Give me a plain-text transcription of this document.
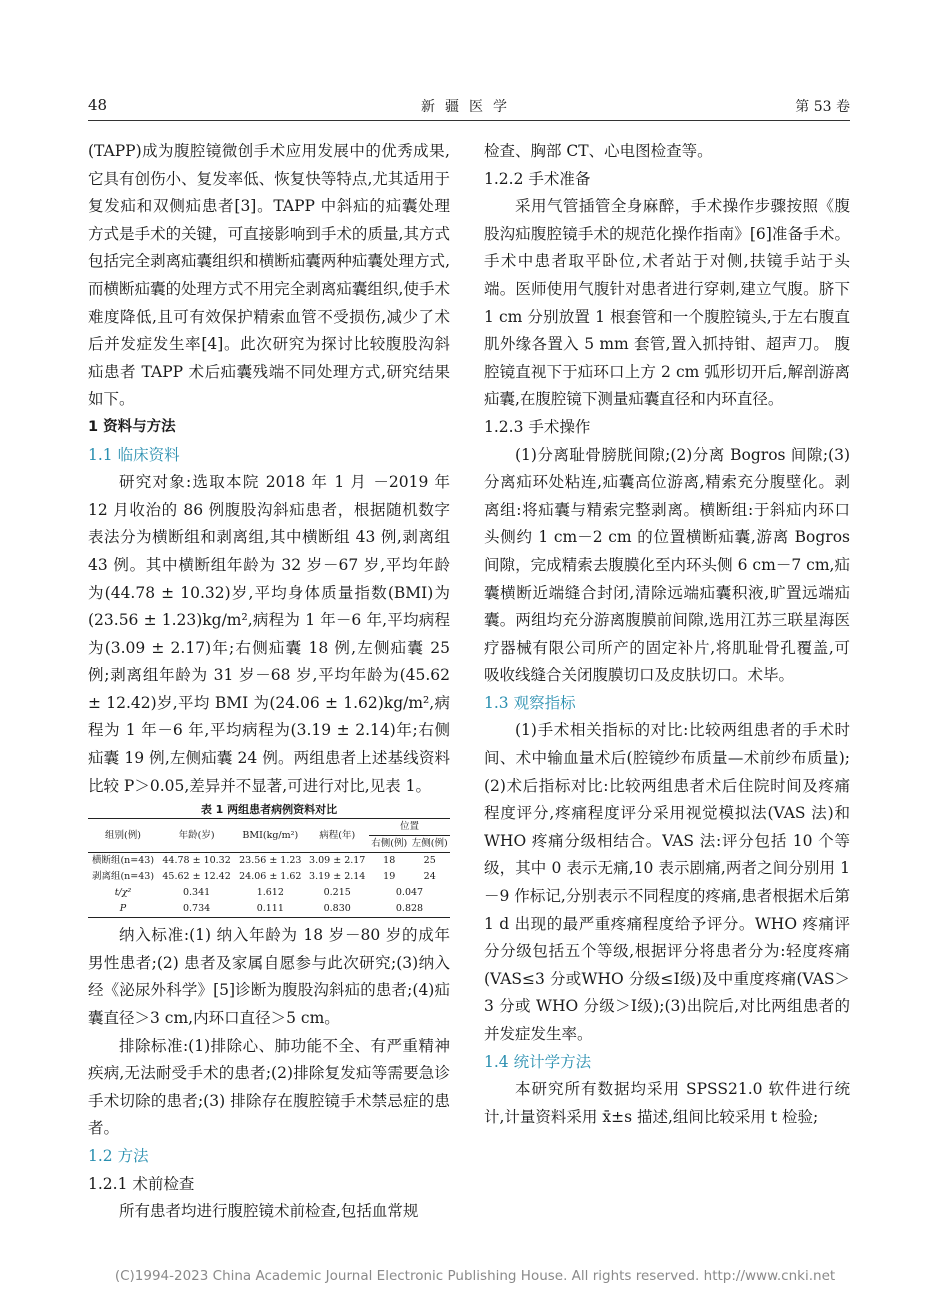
48	新疆医学	第 53 卷

(TAPP)成为腹腔镜微创手术应用发展中的优秀成果,它具有创伤小、复发率低、恢复快等特点,尤其适用于复发疝和双侧疝患者[3]。TAPP 中斜疝的疝囊处理方式是手术的关键，可直接影响到手术的质量,其方式包括完全剥离疝囊组织和横断疝囊两种疝囊处理方式,而横断疝囊的处理方式不用完全剥离疝囊组织,使手术难度降低,且可有效保护精索血管不受损伤,减少了术后并发症发生率[4]。此次研究为探讨比较腹股沟斜疝患者 TAPP 术后疝囊残端不同处理方式,研究结果如下。

1 资料与方法

1.1 临床资料

研究对象:选取本院 2018 年 1 月 －2019 年 12 月收治的 86 例腹股沟斜疝患者，根据随机数字表法分为横断组和剥离组,其中横断组 43 例,剥离组 43 例。其中横断组年龄为 32 岁－67 岁,平均年龄为(44.78 ± 10.32)岁,平均身体质量指数(BMI)为(23.56 ± 1.23)kg/m²,病程为 1 年－6 年,平均病程为(3.09 ± 2.17)年;右侧疝囊 18 例,左侧疝囊 25 例;剥离组年龄为 31 岁－68 岁,平均年龄为(45.62 ± 12.42)岁,平均 BMI 为(24.06 ± 1.62)kg/m²,病程为 1 年－6 年,平均病程为(3.19 ± 2.14)年;右侧疝囊 19 例,左侧疝囊 24 例。两组患者上述基线资料比较 P＞0.05,差异并不显著,可进行对比,见表 1。

表 1 两组患者病例资料对比
组别(例)	年龄(岁)	BMI(kg/m²)	病程(年)	位置	
				右侧(例)	左侧(例)
横断组(n=43)	44.78 ± 10.32	23.56 ± 1.23	3.09 ± 2.17	18	25
剥离组(n=43)	45.62 ± 12.42	24.06 ± 1.62	3.19 ± 2.14	19	24
t/χ²	0.341	1.612	0.215	0.047	
P	0.734	0.111	0.830	0.828	

纳入标准:(1) 纳入年龄为 18 岁－80 岁的成年男性患者;(2) 患者及家属自愿参与此次研究;(3)纳入经《泌尿外科学》[5]诊断为腹股沟斜疝的患者;(4)疝囊直径＞3 cm,内环口直径＞5 cm。

排除标准:(1)排除心、肺功能不全、有严重精神疾病,无法耐受手术的患者;(2)排除复发疝等需要急诊手术切除的患者;(3) 排除存在腹腔镜手术禁忌症的患者。

1.2 方法

1.2.1 术前检查

所有患者均进行腹腔镜术前检查,包括血常规

检查、胸部 CT、心电图检查等。

1.2.2 手术准备

采用气管插管全身麻醉，手术操作步骤按照《腹股沟疝腹腔镜手术的规范化操作指南》[6]准备手术。手术中患者取平卧位,术者站于对侧,扶镜手站于头端。医师使用气腹针对患者进行穿刺,建立气腹。脐下 1 cm 分别放置 1 根套管和一个腹腔镜头,于左右腹直肌外缘各置入 5 mm 套管,置入抓持钳、超声刀。 腹腔镜直视下于疝环口上方 2 cm 弧形切开后,解剖游离疝囊,在腹腔镜下测量疝囊直径和内环直径。

1.2.3 手术操作

(1)分离耻骨膀胱间隙;(2)分离 Bogros 间隙;(3)分离疝环处粘连,疝囊高位游离,精索充分腹壁化。剥离组:将疝囊与精索完整剥离。横断组:于斜疝内环口头侧约 1 cm－2 cm 的位置横断疝囊,游离 Bogros 间隙，完成精索去腹膜化至内环头侧 6 cm－7 cm,疝囊横断近端缝合封闭,清除远端疝囊积液,旷置远端疝囊。两组均充分游离腹膜前间隙,选用江苏三联星海医疗器械有限公司所产的固定补片,将肌耻骨孔覆盖,可吸收线缝合关闭腹膜切口及皮肤切口。术毕。

1.3 观察指标

(1)手术相关指标的对比:比较两组患者的手术时间、术中输血量术后(腔镜纱布质量—术前纱布质量);(2)术后指标对比:比较两组患者术后住院时间及疼痛程度评分,疼痛程度评分采用视觉模拟法(VAS 法)和 WHO 疼痛分级相结合。VAS 法:评分包括 10 个等级，其中 0 表示无痛,10 表示剧痛,两者之间分别用 1－9 作标记,分别表示不同程度的疼痛,患者根据术后第 1 d 出现的最严重疼痛程度给予评分。WHO 疼痛评分分级包括五个等级,根据评分将患者分为:轻度疼痛(VAS≤3 分或WHO 分级≤Ⅰ级)及中重度疼痛(VAS＞3 分或 WHO 分级＞Ⅰ级);(3)出院后,对比两组患者的并发症发生率。

1.4 统计学方法

本研究所有数据均采用 SPSS21.0 软件进行统计,计量资料采用 x̄±s 描述,组间比较采用 t 检验;

(C)1994-2023 China Academic Journal Electronic Publishing House. All rights reserved. http://www.cnki.net
